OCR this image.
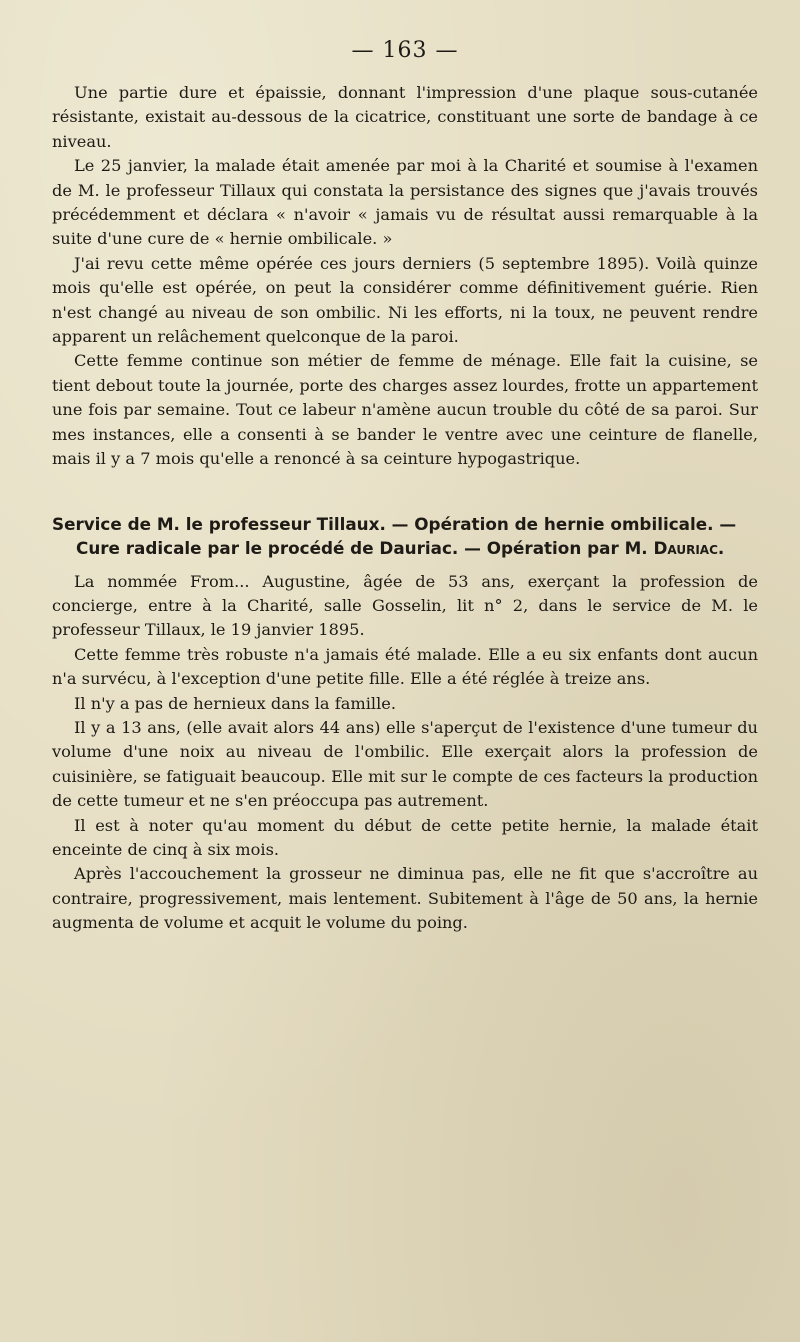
— 163 —

Une partie dure et épaissie, donnant l'impression d'une plaque sous-cutanée résistante, existait au-dessous de la cicatrice, constituant une sorte de bandage à ce niveau.

Le 25 janvier, la malade était amenée par moi à la Charité et soumise à l'examen de M. le professeur Tillaux qui constata la persistance des signes que j'avais trouvés précédemment et déclara « n'avoir « jamais vu de résultat aussi remarquable à la suite d'une cure de « hernie ombilicale. »

J'ai revu cette même opérée ces jours derniers (5 septembre 1895). Voilà quinze mois qu'elle est opérée, on peut la considérer comme définitivement guérie. Rien n'est changé au niveau de son ombilic. Ni les efforts, ni la toux, ne peuvent rendre apparent un relâchement quelconque de la paroi.

Cette femme continue son métier de femme de ménage. Elle fait la cuisine, se tient debout toute la journée, porte des charges assez lourdes, frotte un appartement une fois par semaine. Tout ce labeur n'amène aucun trouble du côté de sa paroi. Sur mes instances, elle a consenti à se bander le ventre avec une ceinture de flanelle, mais il y a 7 mois qu'elle a renoncé à sa ceinture hypogastrique.

Service de M. le professeur Tillaux. — Opération de hernie ombilicale. — Cure radicale par le procédé de Dauriac. — Opération par M. Dauriac.

La nommée From... Augustine, âgée de 53 ans, exerçant la profession de concierge, entre à la Charité, salle Gosselin, lit n° 2, dans le service de M. le professeur Tillaux, le 19 janvier 1895.

Cette femme très robuste n'a jamais été malade. Elle a eu six enfants dont aucun n'a survécu, à l'exception d'une petite fille. Elle a été réglée à treize ans.

Il n'y a pas de hernieux dans la famille.

Il y a 13 ans, (elle avait alors 44 ans) elle s'aperçut de l'existence d'une tumeur du volume d'une noix au niveau de l'ombilic. Elle exerçait alors la profession de cuisinière, se fatiguait beaucoup. Elle mit sur le compte de ces facteurs la production de cette tumeur et ne s'en préoccupa pas autrement.

Il est à noter qu'au moment du début de cette petite hernie, la malade était enceinte de cinq à six mois.

Après l'accouchement la grosseur ne diminua pas, elle ne fit que s'accroître au contraire, progressivement, mais lentement. Subitement à l'âge de 50 ans, la hernie augmenta de volume et acquit le volume du poing.
